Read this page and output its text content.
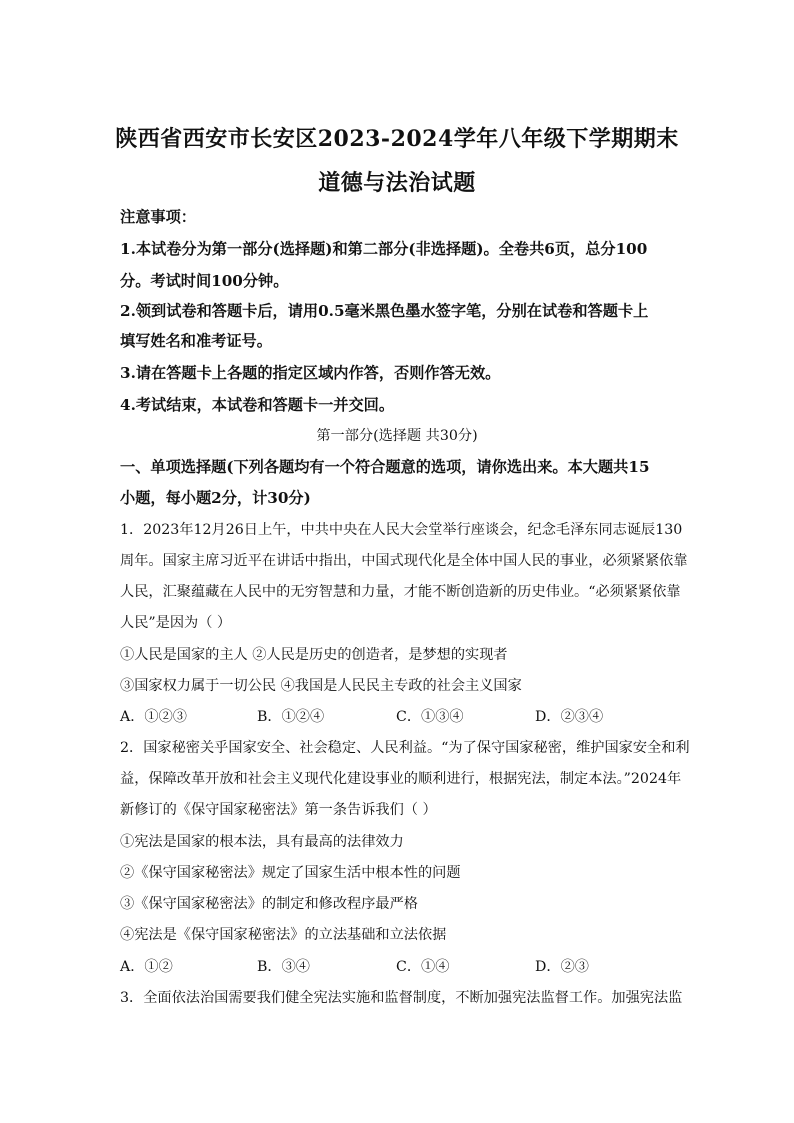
陕西省西安市长安区2023-2024学年八年级下学期期末
道德与法治试题
注意事项：
1.本试卷分为第一部分(选择题)和第二部分(非选择题)。全卷共6页，总分100
分。考试时间100分钟。
2.领到试卷和答题卡后，请用0.5毫米黑色墨水签字笔，分别在试卷和答题卡上
填写姓名和准考证号。
3.请在答题卡上各题的指定区域内作答，否则作答无效。
4.考试结束，本试卷和答题卡一并交回。
第一部分(选择题 共30分)
一、单项选择题(下列各题均有一个符合题意的选项，请你选出来。本大题共15
小题，每小题2分，计30分)
1．2023年12月26日上午，中共中央在人民大会堂举行座谈会，纪念毛泽东同志诞辰130
周年。国家主席习近平在讲话中指出，中国式现代化是全体中国人民的事业，必须紧紧依靠
人民，汇聚蕴藏在人民中的无穷智慧和力量，才能不断创造新的历史伟业。“必须紧紧依靠
人民”是因为（ ）
①人民是国家的主人 ②人民是历史的创造者，是梦想的实现者
③国家权力属于一切公民 ④我国是人民民主专政的社会主义国家
A．①②③	B．①②④	C．①③④	D．②③④
2．国家秘密关乎国家安全、社会稳定、人民利益。“为了保守国家秘密，维护国家安全和利
益，保障改革开放和社会主义现代化建设事业的顺利进行，根据宪法，制定本法。”2024年
新修订的《保守国家秘密法》第一条告诉我们（ ）
①宪法是国家的根本法，具有最高的法律效力
②《保守国家秘密法》规定了国家生活中根本性的问题
③《保守国家秘密法》的制定和修改程序最严格
④宪法是《保守国家秘密法》的立法基础和立法依据
A．①②	B．③④	C．①④	D．②③
3．全面依法治国需要我们健全宪法实施和监督制度，不断加强宪法监督工作。加强宪法监
